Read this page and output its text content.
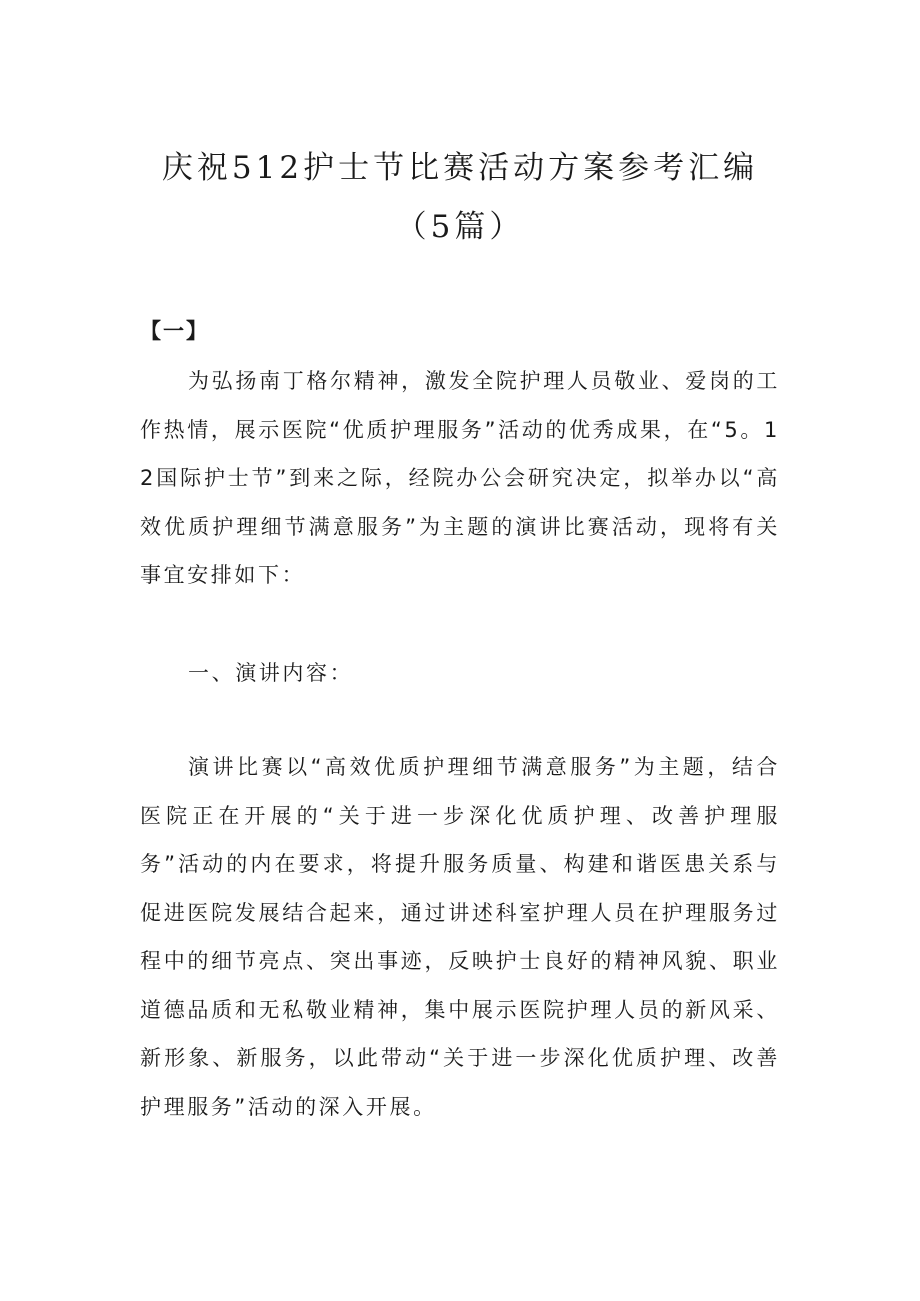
庆祝512护士节比赛活动方案参考汇编
（5篇）
【一】

为弘扬南丁格尔精神，激发全院护理人员敬业、爱岗的工作热情，展示医院“优质护理服务”活动的优秀成果，在“5。12国际护士节”到来之际，经院办公会研究决定，拟举办以“高效优质护理细节满意服务”为主题的演讲比赛活动，现将有关事宜安排如下：

一、演讲内容：

演讲比赛以“高效优质护理细节满意服务”为主题，结合医院正在开展的“关于进一步深化优质护理、改善护理服务”活动的内在要求，将提升服务质量、构建和谐医患关系与促进医院发展结合起来，通过讲述科室护理人员在护理服务过程中的细节亮点、突出事迹，反映护士良好的精神风貌、职业道德品质和无私敬业精神，集中展示医院护理人员的新风采、新形象、新服务，以此带动“关于进一步深化优质护理、改善护理服务”活动的深入开展。
